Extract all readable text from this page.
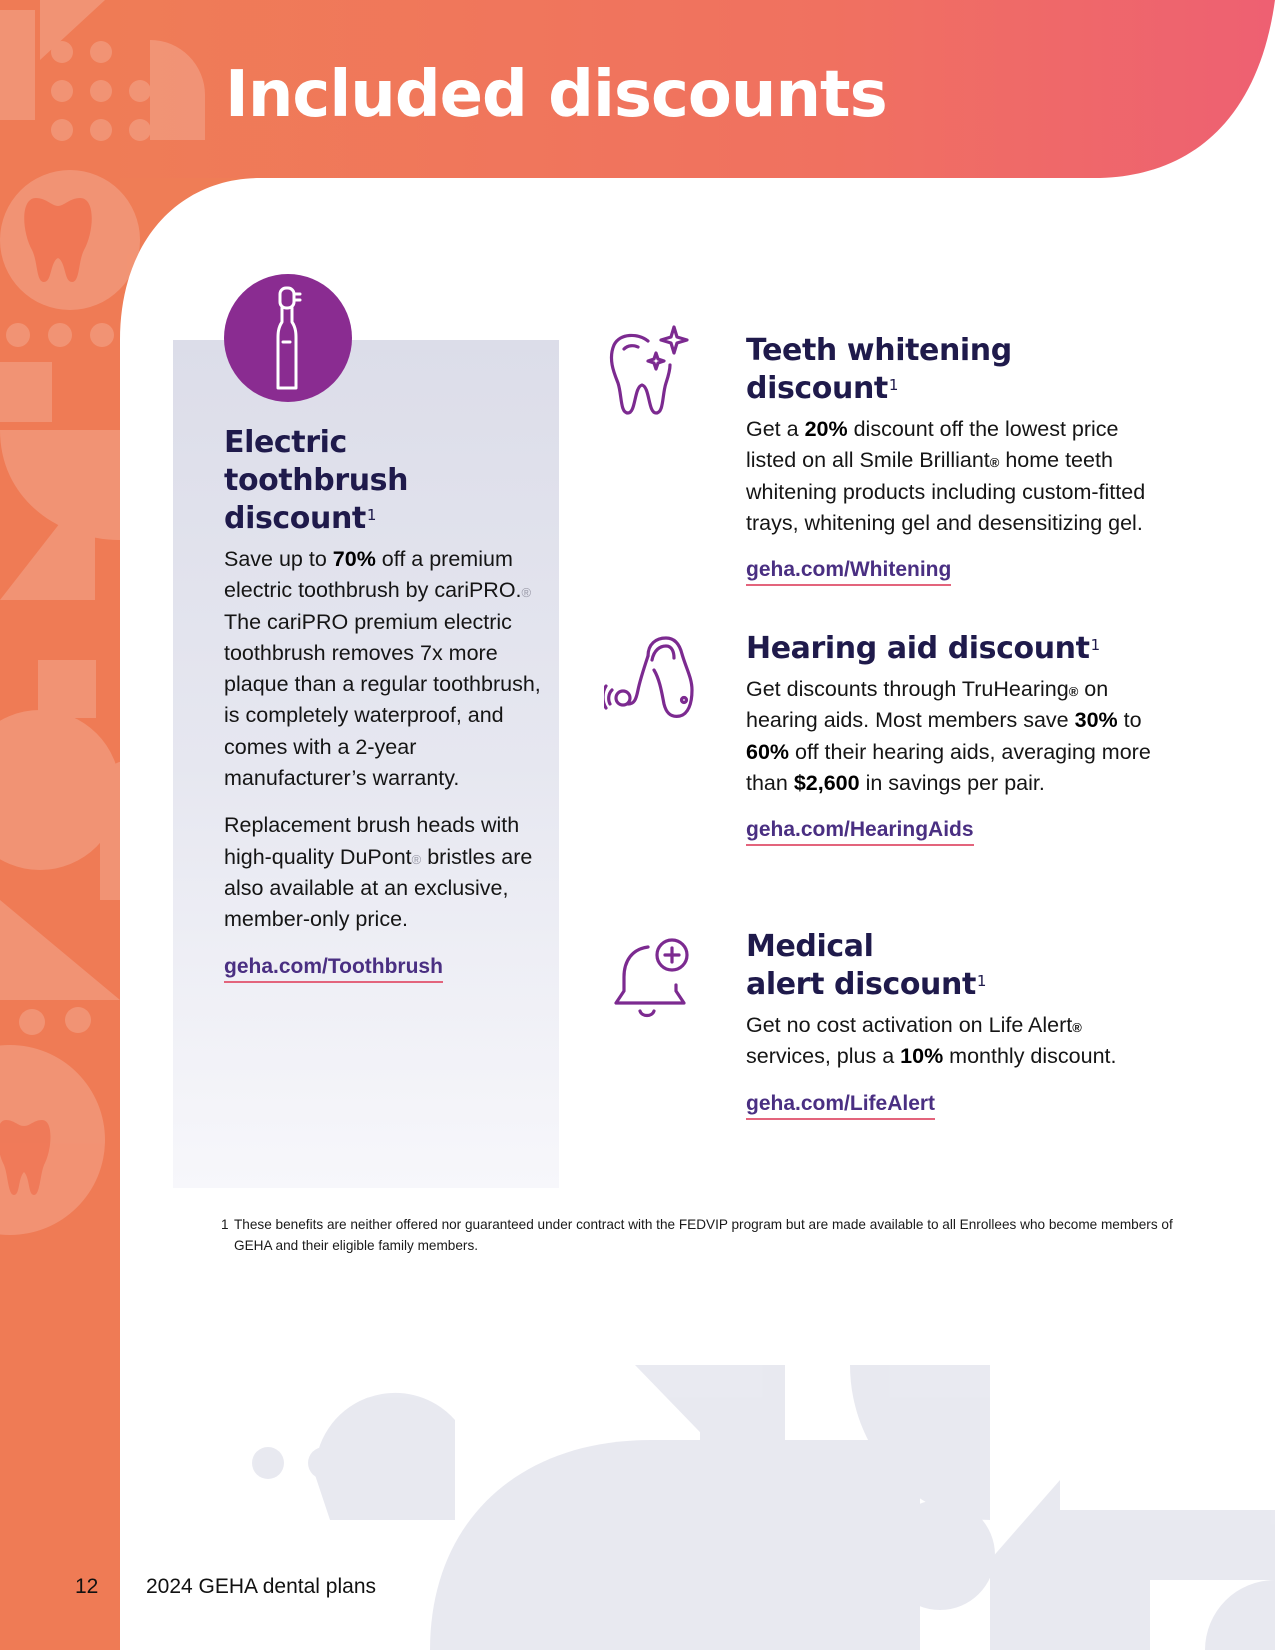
Included discounts
Electric toothbrush discount$^1$

Save up to 70% off a premium electric toothbrush by cariPRO.® The cariPRO premium electric toothbrush removes 7x more plaque than a regular toothbrush, is completely waterproof, and comes with a 2-year manufacturer’s warranty.

Replacement brush heads with high-quality DuPont® bristles are also available at an exclusive, member-only price.

geha.com/Toothbrush
Teeth whitening discount$^1$

Get a 20% discount off the lowest price listed on all Smile Brilliant® home teeth whitening products including custom-fitted trays, whitening gel and desensitizing gel.

geha.com/Whitening
Hearing aid discount$^1$

Get discounts through TruHearing® on hearing aids. Most members save 30% to 60% off their hearing aids, averaging more than $2,600 in savings per pair.

geha.com/HearingAids
Medical
alert discount$^1$

Get no cost activation on Life Alert® services, plus a 10% monthly discount.

geha.com/LifeAlert
1 These benefits are neither offered nor guaranteed under contract with the FEDVIP program but are made available to all Enrollees who become members of GEHA and their eligible family members.
12 2024 GEHA dental plans
